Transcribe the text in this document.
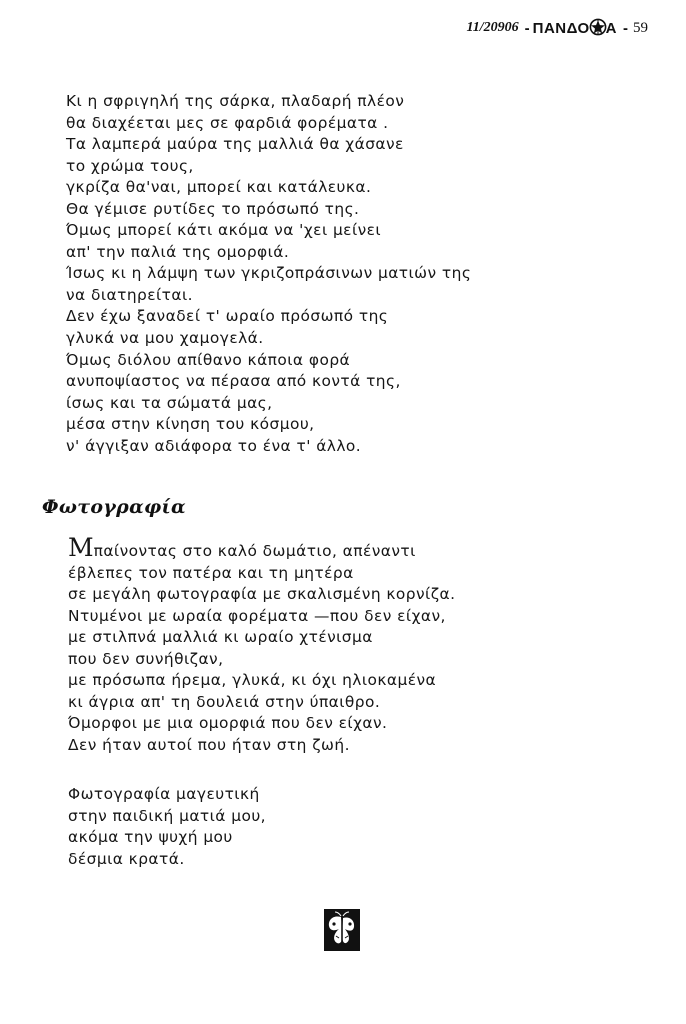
11/20906 - ΠΑΝΔΟ Α - 59
Κι η σφριγηλή της σάρκα, πλαδαρή πλέον
θα διαχέεται μες σε φαρδιά φορέματα .
Τα λαμπερά μαύρα της μαλλιά θα χάσανε
το χρώμα τους,
γκρίζα θα'ναι, μπορεί και κατάλευκα.
Θα γέμισε ρυτίδες το πρόσωπό της.
Όμως μπορεί κάτι ακόμα να 'χει μείνει
απ' την παλιά της ομορφιά.
Ίσως κι η λάμψη των γκριζοπράσινων ματιών της
να διατηρείται.
Δεν έχω ξαναδεί τ' ωραίο πρόσωπό της
γλυκά να μου χαμογελά.
Όμως διόλου απίθανο κάποια φορά
ανυποψίαστος να πέρασα από κοντά της,
ίσως και τα σώματά μας,
μέσα στην κίνηση του κόσμου,
ν' άγγιξαν αδιάφορα το ένα τ' άλλο.
Φωτογραφία
Μπαίνοντας στο καλό δωμάτιο, απέναντι
έβλεπες τον πατέρα και τη μητέρα
σε μεγάλη φωτογραφία με σκαλισμένη κορνίζα.
Ντυμένοι με ωραία φορέματα —που δεν είχαν,
με στιλπνά μαλλιά κι ωραίο χτένισμα
που δεν συνήθιζαν,
με πρόσωπα ήρεμα, γλυκά, κι όχι ηλιοκαμένα
κι άγρια απ' τη δουλειά στην ύπαιθρο.
Όμορφοι με μια ομορφιά που δεν είχαν.
Δεν ήταν αυτοί που ήταν στη ζωή.
Φωτογραφία μαγευτική
στην παιδική ματιά μου,
ακόμα την ψυχή μου
δέσμια κρατά.
